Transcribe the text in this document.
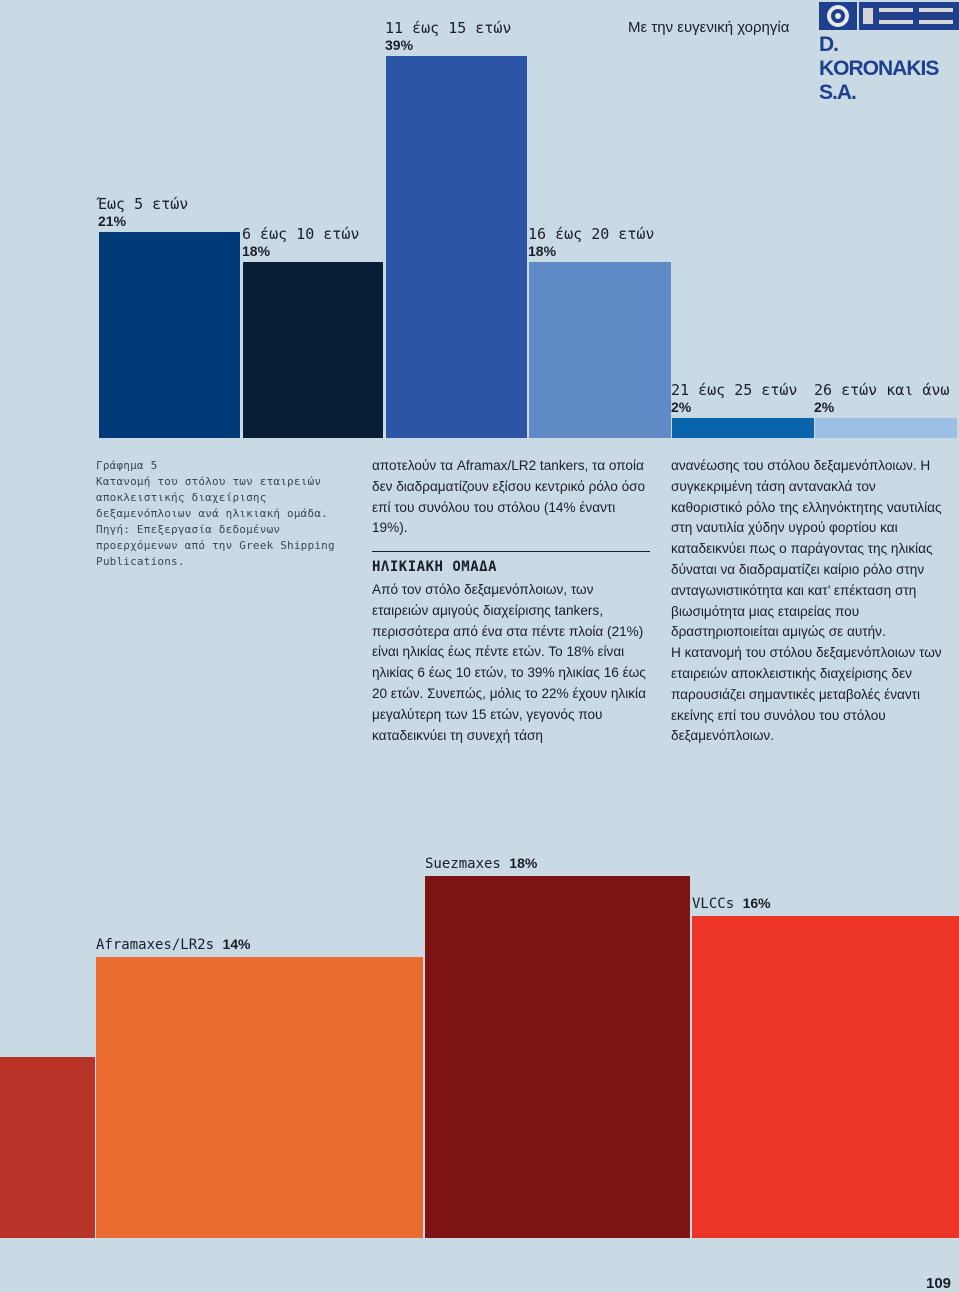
Με την ευγενική χορηγία
D. KORONAKIS S.A.
Έως 5 ετών
21%
6 έως 10 ετών
18%
11 έως 15 ετών
39%
16 έως 20 ετών
18%
21 έως 25 ετών
2%
26 ετών και άνω
2%
Γράφημα 5
Κατανομή του στόλου των εταιρειών αποκλειστικής διαχείρισης δεξαμενόπλοιων ανά ηλικιακή ομάδα.
Πηγή: Επεξεργασία δεδομένων προερχόμενων από την Greek Shipping Publications.
αποτελούν τα Aframax/LR2 tankers, τα οποία δεν διαδραματίζουν εξίσου κεντρικό ρόλο όσο επί του συνόλου του στόλου (14% έναντι 19%).
ΗΛΙΚΙΑΚΗ ΟΜΑΔΑ
Από τον στόλο δεξαμενόπλοιων, των εταιρειών αμιγούς διαχείρισης tankers, περισσότερα από ένα στα πέντε πλοία (21%) είναι ηλικίας έως πέντε ετών. Το 18% είναι ηλικίας 6 έως 10 ετών, το 39% ηλικίας 16 έως 20 ετών. Συνεπώς, μόλις το 22% έχουν ηλικία μεγαλύτερη των 15 ετών, γεγονός που καταδεικνύει τη συνεχή τάση
ανανέωσης του στόλου δεξαμενόπλοιων. Η συγκεκριμένη τάση αντανακλά τον καθοριστικό ρόλο της ελληνόκτητης ναυτιλίας στη ναυτιλία χύδην υγρού φορτίου και καταδεικνύει πως ο παράγοντας της ηλικίας δύναται να διαδραματίζει καίριο ρόλο στην ανταγωνιστικότητα και κατ’ επέκταση στη βιωσιμότητα μιας εταιρείας που δραστηριοποιείται αμιγώς σε αυτήν.
Η κατανομή του στόλου δεξαμενόπλοιων των εταιρειών αποκλειστικής διαχείρισης δεν παρουσιάζει σημαντικές μεταβολές έναντι εκείνης επί του συνόλου του στόλου δεξαμενόπλοιων.
Aframaxes/LR2s 14%
Suezmaxes 18%
VLCCs 16%
109
